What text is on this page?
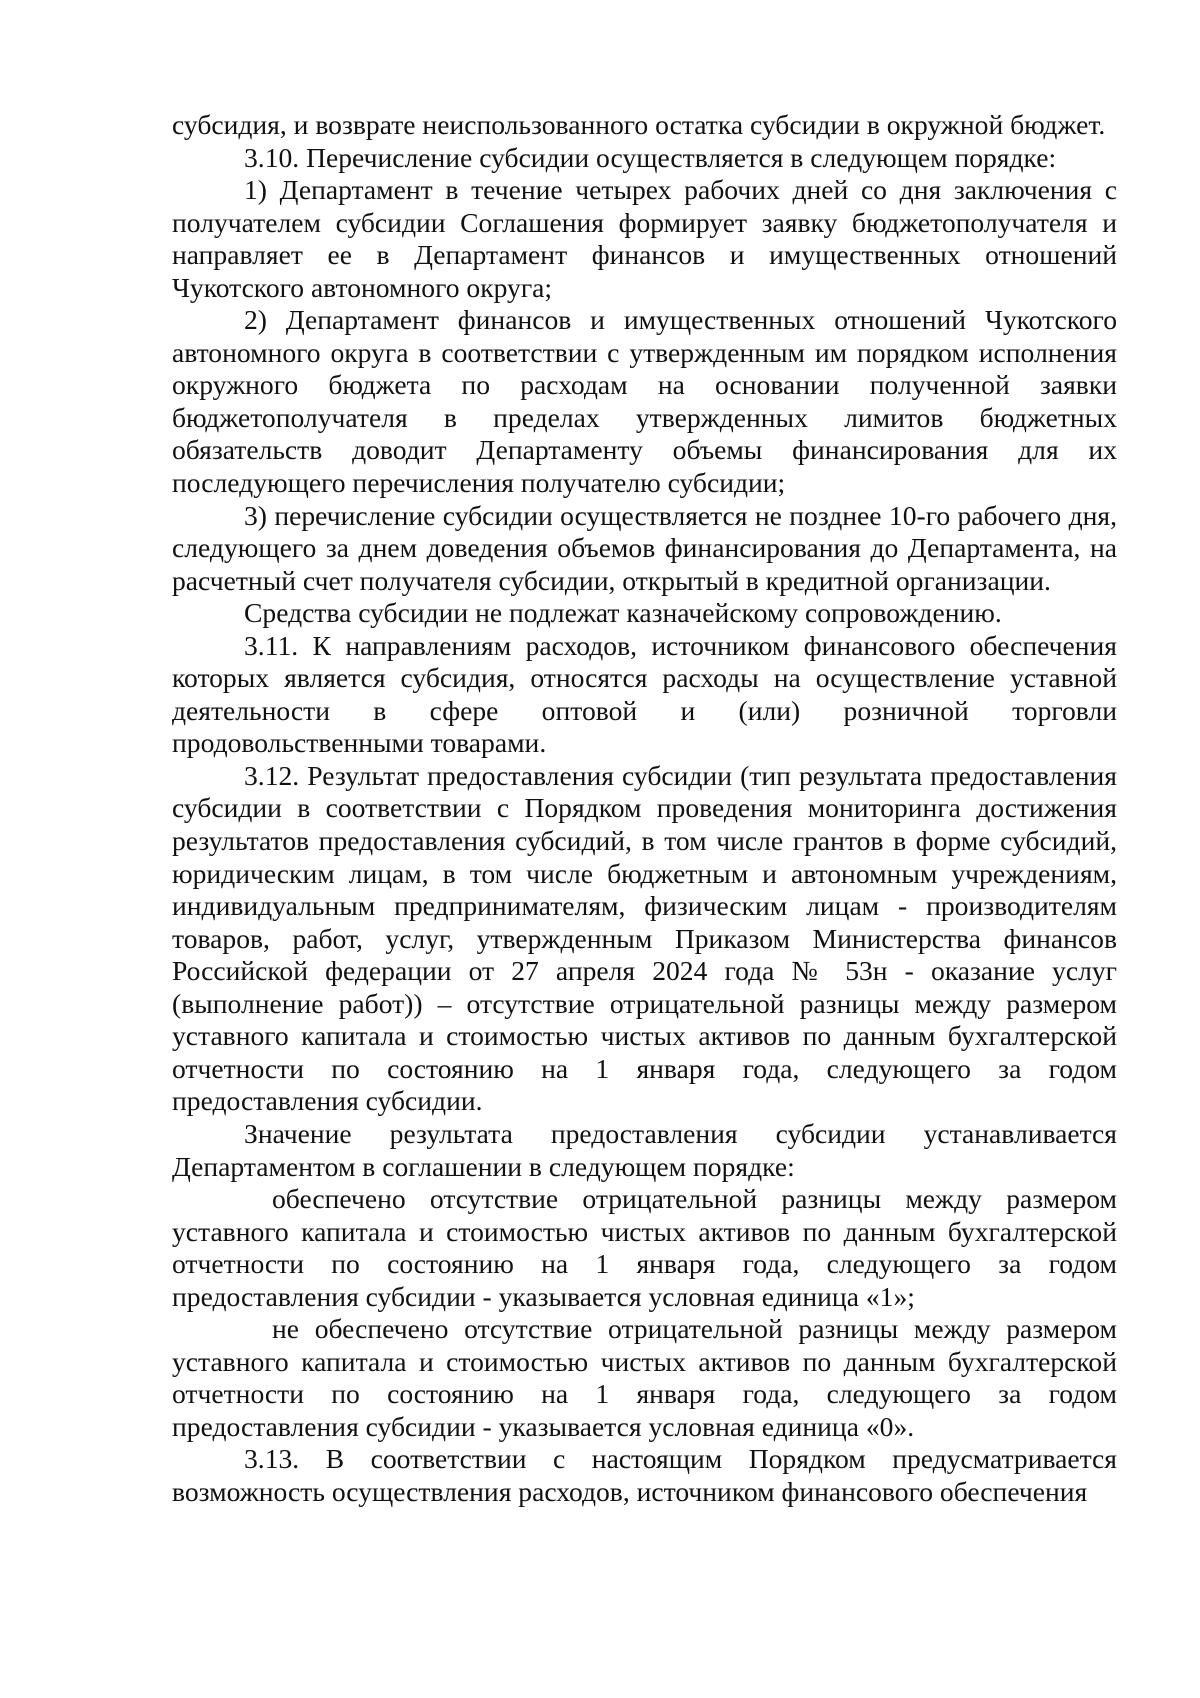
субсидия, и возврате неиспользованного остатка субсидии в окружной бюджет.

3.10. Перечисление субсидии осуществляется в следующем порядке:

1) Департамент в течение четырех рабочих дней со дня заключения с получателем субсидии Соглашения формирует заявку бюджетополучателя и направляет ее в Департамент финансов и имущественных отношений Чукотского автономного округа;

2) Департамент финансов и имущественных отношений Чукотского автономного округа в соответствии с утвержденным им порядком исполнения окружного бюджета по расходам на основании полученной заявки бюджетополучателя в пределах утвержденных лимитов бюджетных обязательств доводит Департаменту объемы финансирования для их последующего перечисления получателю субсидии;

3) перечисление субсидии осуществляется не позднее 10-го рабочего дня, следующего за днем доведения объемов финансирования до Департамента, на расчетный счет получателя субсидии, открытый в кредитной организации.

Средства субсидии не подлежат казначейскому сопровождению.

3.11. К направлениям расходов, источником финансового обеспечения которых является субсидия, относятся расходы на осуществление уставной деятельности в сфере оптовой и (или) розничной торговли продовольственными товарами.

3.12. Результат предоставления субсидии (тип результата предоставления субсидии в соответствии с Порядком проведения мониторинга достижения результатов предоставления субсидий, в том числе грантов в форме субсидий, юридическим лицам, в том числе бюджетным и автономным учреждениям, индивидуальным предпринимателям, физическим лицам - производителям товаров, работ, услуг, утвержденным Приказом Министерства финансов Российской федерации от 27 апреля 2024 года № 53н - оказание услуг (выполнение работ)) – отсутствие отрицательной разницы между размером уставного капитала и стоимостью чистых активов по данным бухгалтерской отчетности по состоянию на 1 января года, следующего за годом предоставления субсидии.

Значение результата предоставления субсидии устанавливается Департаментом в соглашении в следующем порядке:

обеспечено отсутствие отрицательной разницы между размером уставного капитала и стоимостью чистых активов по данным бухгалтерской отчетности по состоянию на 1 января года, следующего за годом предоставления субсидии - указывается условная единица «1»;

не обеспечено отсутствие отрицательной разницы между размером уставного капитала и стоимостью чистых активов по данным бухгалтерской отчетности по состоянию на 1 января года, следующего за годом предоставления субсидии - указывается условная единица «0».

3.13. В соответствии с настоящим Порядком предусматривается возможность осуществления расходов, источником финансового обеспечения
